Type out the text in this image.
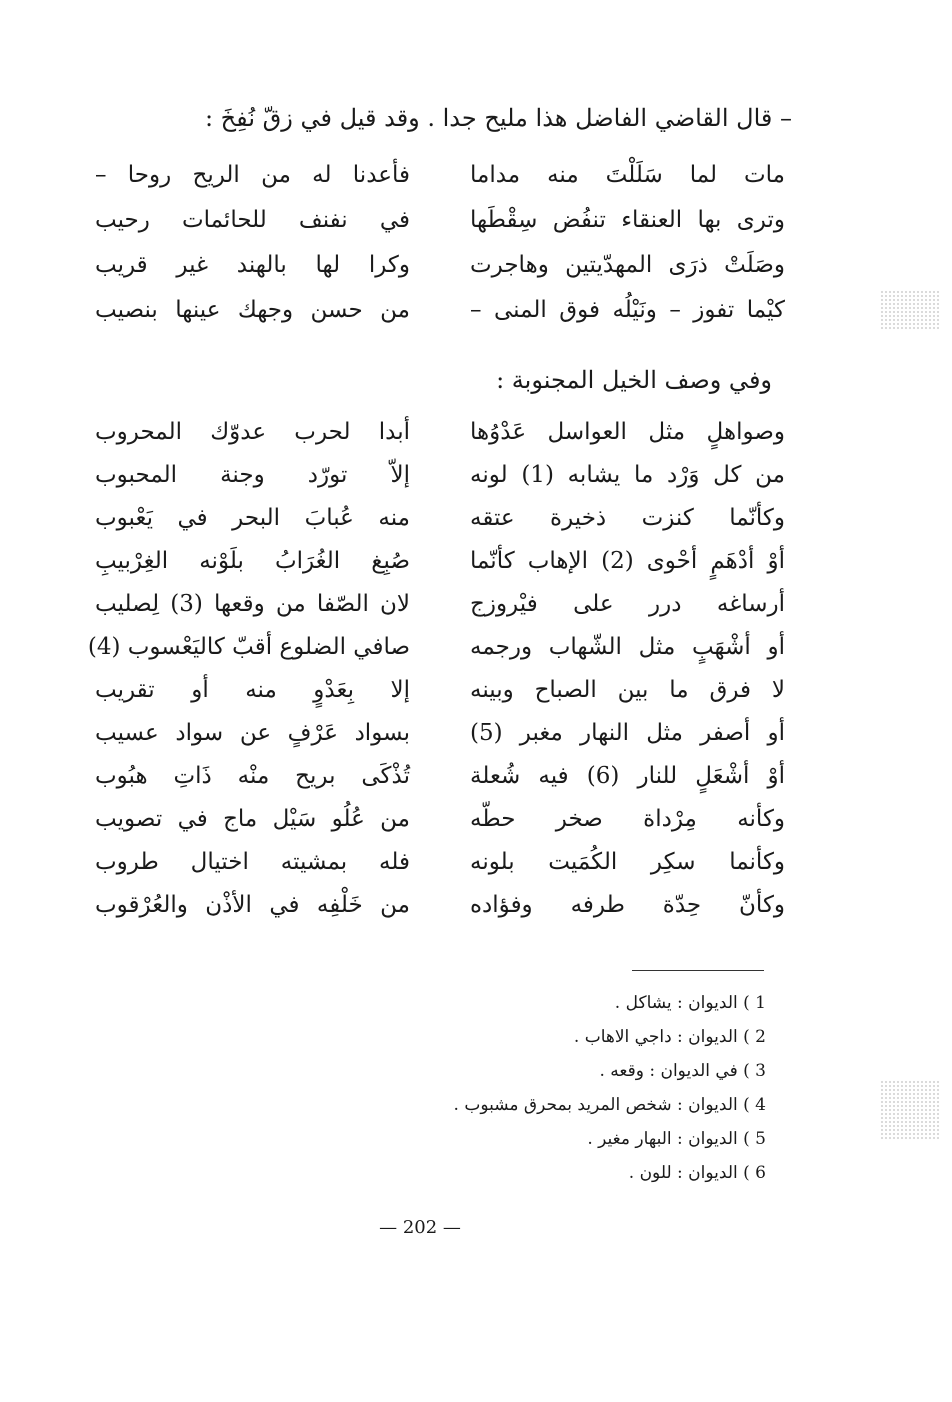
– قال القاضي الفاضل هذا مليح جدا . وقد قيل في زقّ نُفِخَ :
مات لما سَلَلْتَ منه مداما
فأعدنا له من الريح روحا –
وترى بها العنقاء تنفُض سِقْطَها
في نفنف للحائمات رحيب
وصَلَتْ ذرَى المهدّيتين وهاجرت
وكرا لها بالهند غير قريب
كيْما تفوز – ونَيْلُه فوق المنى –
من حسن وجهك عينها بنصيب
وفي وصف الخيل المجنوبة :
وصواهلٍ مثل العواسل عَدْوُها
أبدا لحرب عدوّك المحروب
من كل وَرْد ما يشابه (1) لونه
إلاّ تورّد وجنة المحبوب
وكأنّما كنزت ذخيرة عتقه
منه عُبابَ البحر في يَعْبوب
أوْ أدْهَمٍ أحْوى (2) الإهاب كأنّما
صُبِغ الغُرَابُ بلَوْنه الغِرْبيبِ
أرساغه درر على فيْروزج
لان الصّفا من وقعها (3) لِصليب
أو أشْهَبٍ مثل الشّهاب ورجمه
صافي الضلوع أقبّ كاليَعْسوب (4)
لا فرق ما بين الصباح وبينه
إلا بِعَدْوٍ منه أو تقريب
أو أصفر مثل النهار مغبر (5)
بسواد عَرْفٍ عن سواد عسيب
أوْ أشْعَلٍ للنار (6) فيه شُعلة
تُذْكَى بريح منْه ذَاتِ هبُوب
وكأنه مِرْداة صخر حطّه
من عُلُو سَيْل ماج في تصويب
وكأنما سكِر الكُمَيت بلونه
فله بمشيته اختيال طروب
وكأنّ حِدّة طرفه وفؤاده
من خَلْفِه في الأذْن والعُرْقوب
1 ) الديوان : يشاكل .
2 ) الديوان : داجي الاهاب .
3 ) في الديوان : وقعه .
4 ) الديوان : شخص المريد بمحرق مشبوب .
5 ) الديوان : البهار مغير .
6 ) الديوان : للون .
— 202 —
